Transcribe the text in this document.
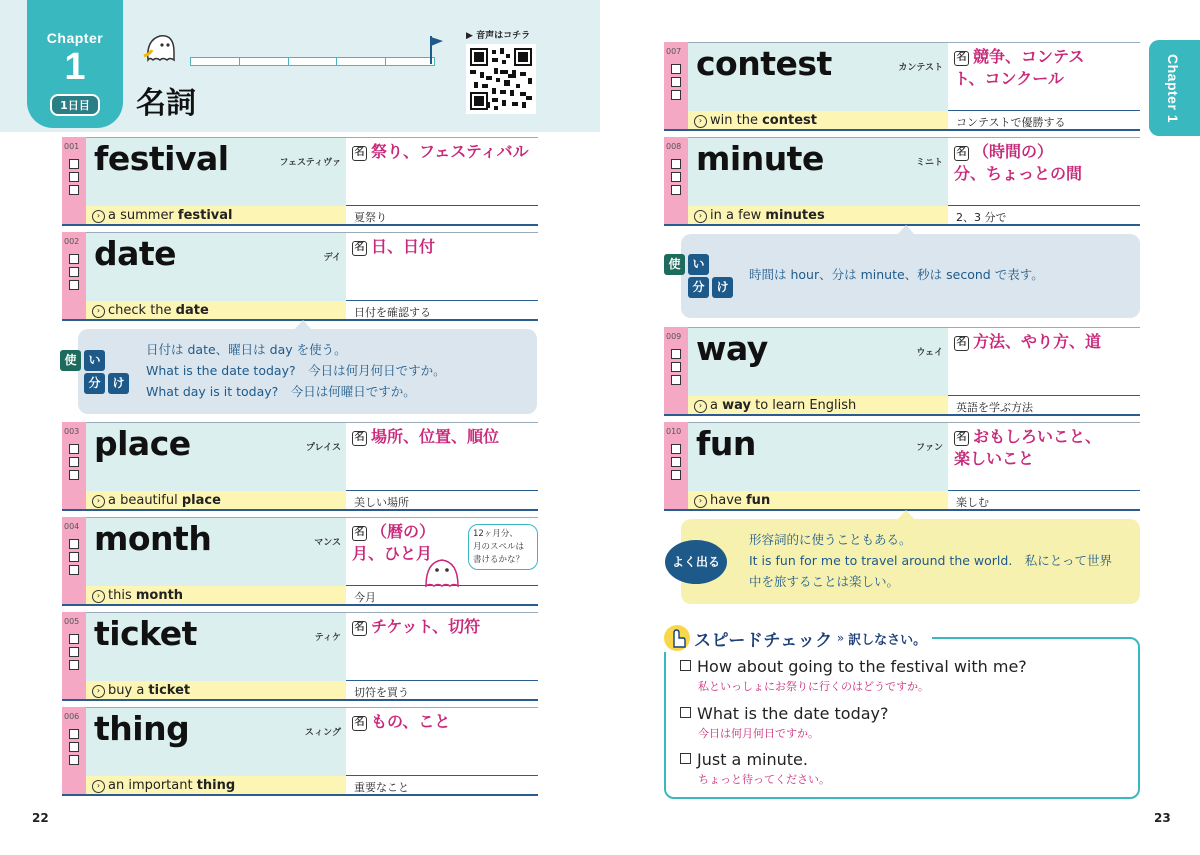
Chapter
1
1日目	名詞
▶ 音声はコチラ
001 festival	フェスティヴァ
名 祭り、フェスティバル
› a summer festival	夏祭り
002 date	デイ
名 日、日付
› check the date	日付を確認する
日付は date、曜日は day を使う。
What is the date today?　今日は何月何日ですか。
What day is it today?　今日は何曜日ですか。
使 い
分 け
003 place	プレイス
名 場所、位置、順位
› a beautiful place	美しい場所
004 month	マンス
名 （暦の）月、ひと月
› this month	今月
12ヶ月分、
月のスペルは
書けるかな？
005 ticket	ティケ
名 チケット、切符
› buy a ticket	切符を買う
006 thing	スィング
名 もの、こと
› an important thing	重要なこと
22
Chapter 1
007 contest	カンテスト
名 競争、コンテスト、コンクール
› win the contest	コンテストで優勝する
008 minute	ミニト
名 （時間の）分、ちょっとの間
› in a few minutes	2、3 分で
時間は hour、分は minute、秒は second で表す。
使 い
分 け
009 way	ウェイ
名 方法、やり方、道
› a way to learn English	英語を学ぶ方法
010 fun	ファン
名 おもしろいこと、楽しいこと
› have fun	楽しむ
形容詞的に使うこともある。
It is fun for me to travel around the world.　私にとって世界
中を旅することは楽しい。
よく出る
スピードチェック » 訳しなさい。
How about going to the festival with me?
私といっしょにお祭りに行くのはどうですか。
What is the date today?
今日は何月何日ですか。
Just a minute.
ちょっと待ってください。
23
